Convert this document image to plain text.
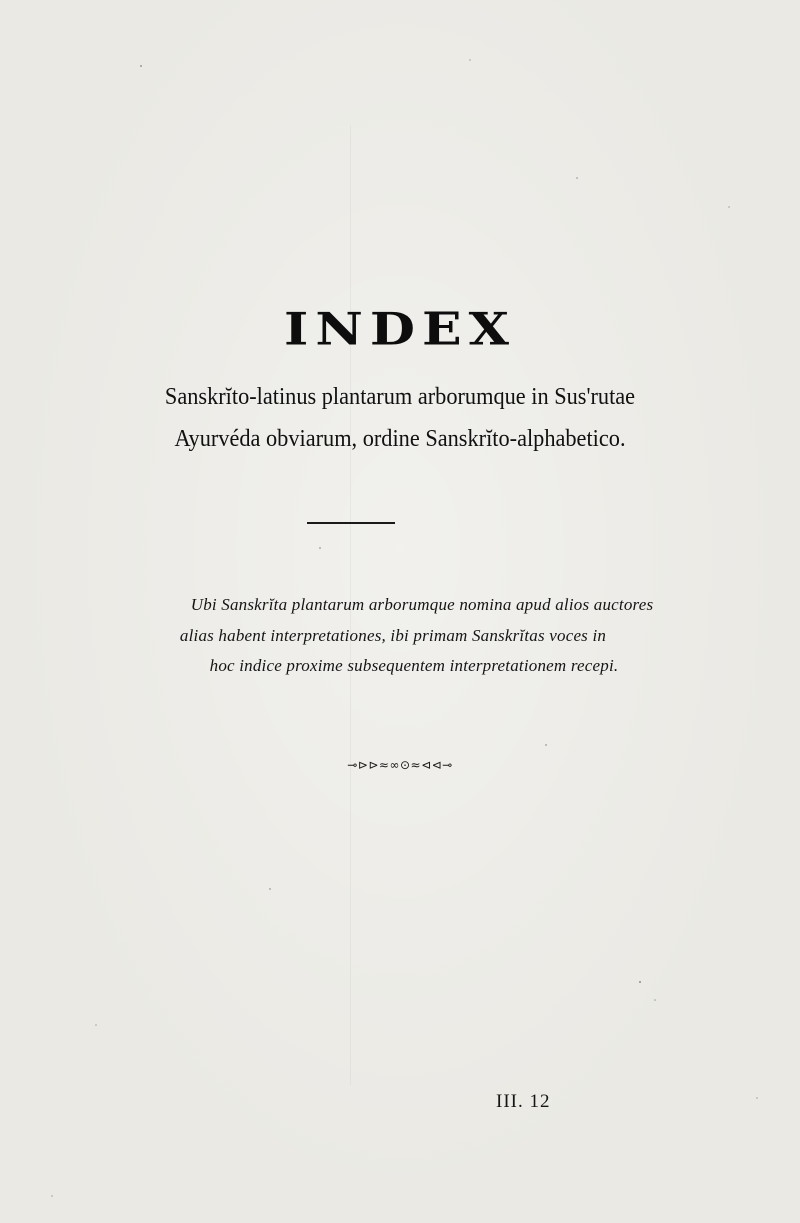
INDEX
Sanskrĭto-latinus plantarum arborumque in Sus'rutae
Ayurvéda obviarum, ordine Sanskrĭto-alphabetico.
Ubi Sanskrĭta plantarum arborumque nomina apud alios auctores
alias habent interpretationes, ibi primam Sanskrĭtas voces in
hoc indice proxime subsequentem interpretationem recepi.
⊸⊳⊳≈∞⊙≈⊲⊲⊸
III. 12
